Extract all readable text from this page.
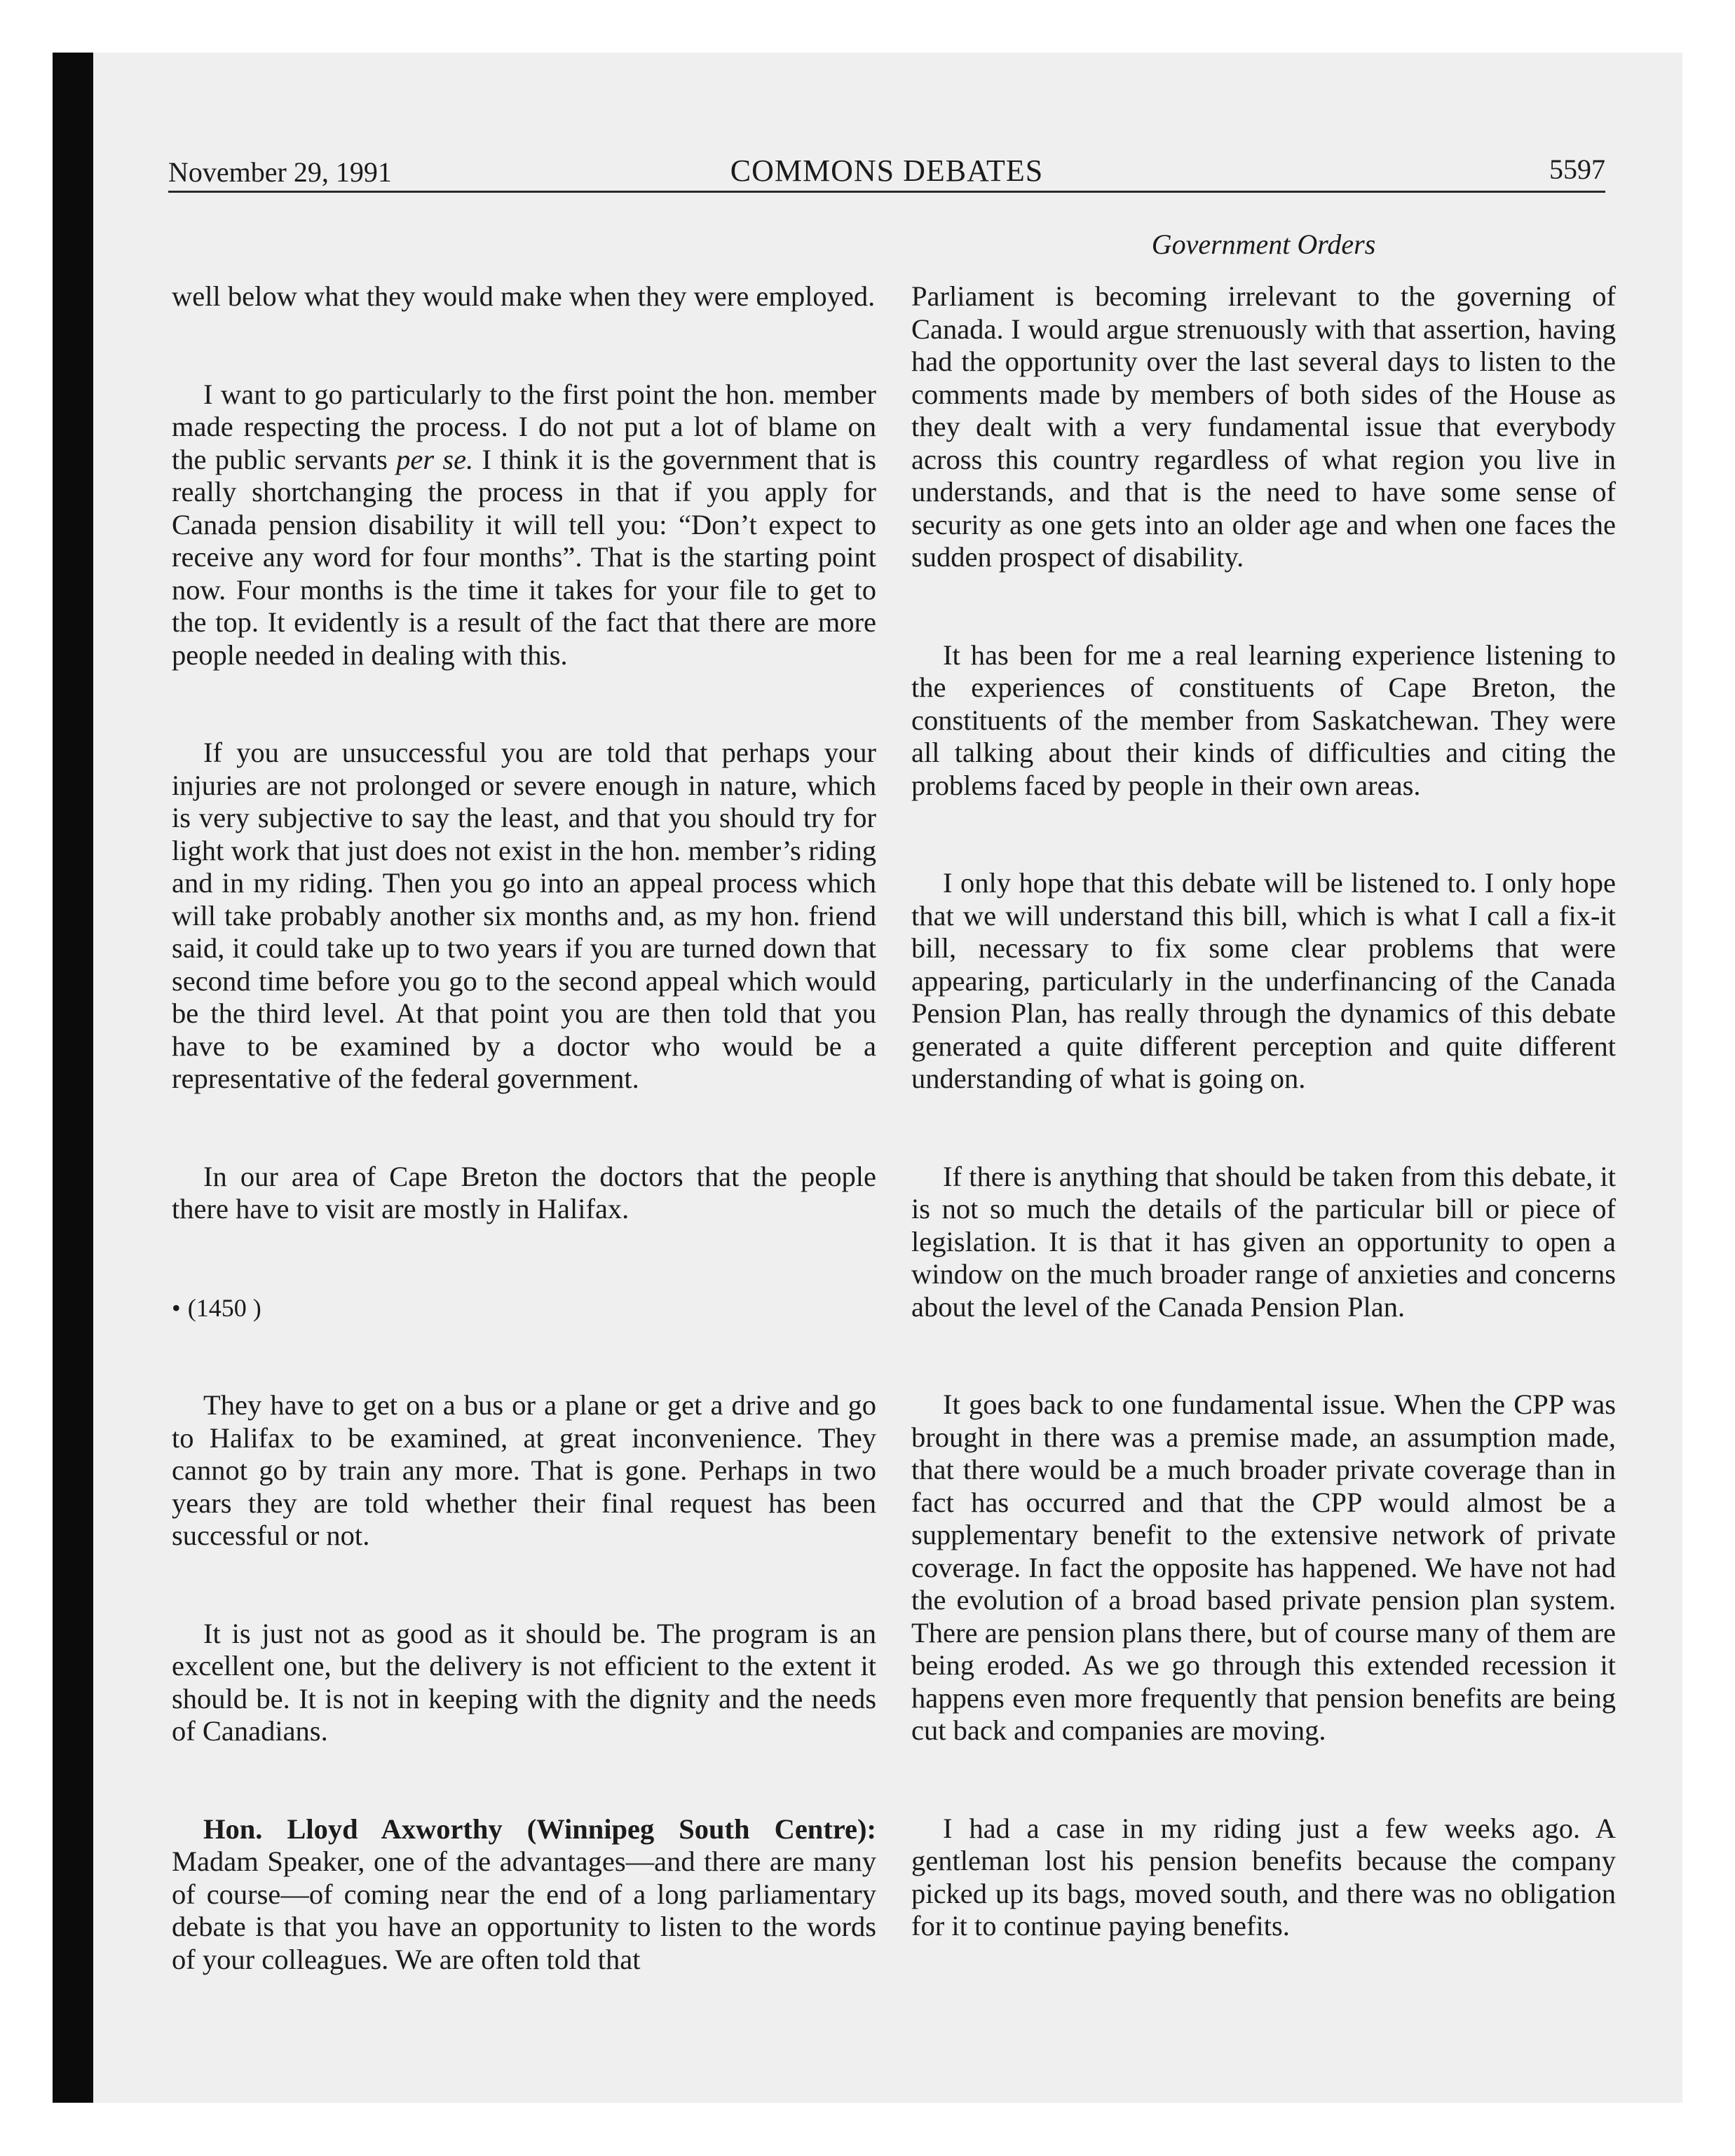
November 29, 1991	COMMONS DEBATES	5597
Government Orders

well below what they would make when they were employed.

I want to go particularly to the first point the hon. member made respecting the process. I do not put a lot of blame on the public servants per se. I think it is the government that is really shortchanging the process in that if you apply for Canada pension disability it will tell you: “Don’t expect to receive any word for four months”. That is the starting point now. Four months is the time it takes for your file to get to the top. It evidently is a result of the fact that there are more people needed in dealing with this.

If you are unsuccessful you are told that perhaps your injuries are not prolonged or severe enough in nature, which is very subjective to say the least, and that you should try for light work that just does not exist in the hon. member’s riding and in my riding. Then you go into an appeal process which will take probably another six months and, as my hon. friend said, it could take up to two years if you are turned down that second time before you go to the second appeal which would be the third level. At that point you are then told that you have to be examined by a doctor who would be a representative of the federal government.

In our area of Cape Breton the doctors that the people there have to visit are mostly in Halifax.

• (1450 )

They have to get on a bus or a plane or get a drive and go to Halifax to be examined, at great inconvenience. They cannot go by train any more. That is gone. Perhaps in two years they are told whether their final request has been successful or not.

It is just not as good as it should be. The program is an excellent one, but the delivery is not efficient to the extent it should be. It is not in keeping with the dignity and the needs of Canadians.

Hon. Lloyd Axworthy (Winnipeg South Centre): Madam Speaker, one of the advantages—and there are many of course—of coming near the end of a long parliamentary debate is that you have an opportunity to listen to the words of your colleagues. We are often told that

Parliament is becoming irrelevant to the governing of Canada. I would argue strenuously with that assertion, having had the opportunity over the last several days to listen to the comments made by members of both sides of the House as they dealt with a very fundamental issue that everybody across this country regardless of what region you live in understands, and that is the need to have some sense of security as one gets into an older age and when one faces the sudden prospect of disability.

It has been for me a real learning experience listening to the experiences of constituents of Cape Breton, the constituents of the member from Saskatchewan. They were all talking about their kinds of difficulties and citing the problems faced by people in their own areas.

I only hope that this debate will be listened to. I only hope that we will understand this bill, which is what I call a fix-it bill, necessary to fix some clear problems that were appearing, particularly in the underfinancing of the Canada Pension Plan, has really through the dynamics of this debate generated a quite different perception and quite different understanding of what is going on.

If there is anything that should be taken from this debate, it is not so much the details of the particular bill or piece of legislation. It is that it has given an opportunity to open a window on the much broader range of anxieties and concerns about the level of the Canada Pension Plan.

It goes back to one fundamental issue. When the CPP was brought in there was a premise made, an assumption made, that there would be a much broader private coverage than in fact has occurred and that the CPP would almost be a supplementary benefit to the extensive network of private coverage. In fact the opposite has happened. We have not had the evolution of a broad based private pension plan system. There are pension plans there, but of course many of them are being eroded. As we go through this extended recession it happens even more frequently that pension benefits are being cut back and companies are moving.

I had a case in my riding just a few weeks ago. A gentleman lost his pension benefits because the company picked up its bags, moved south, and there was no obligation for it to continue paying benefits.
